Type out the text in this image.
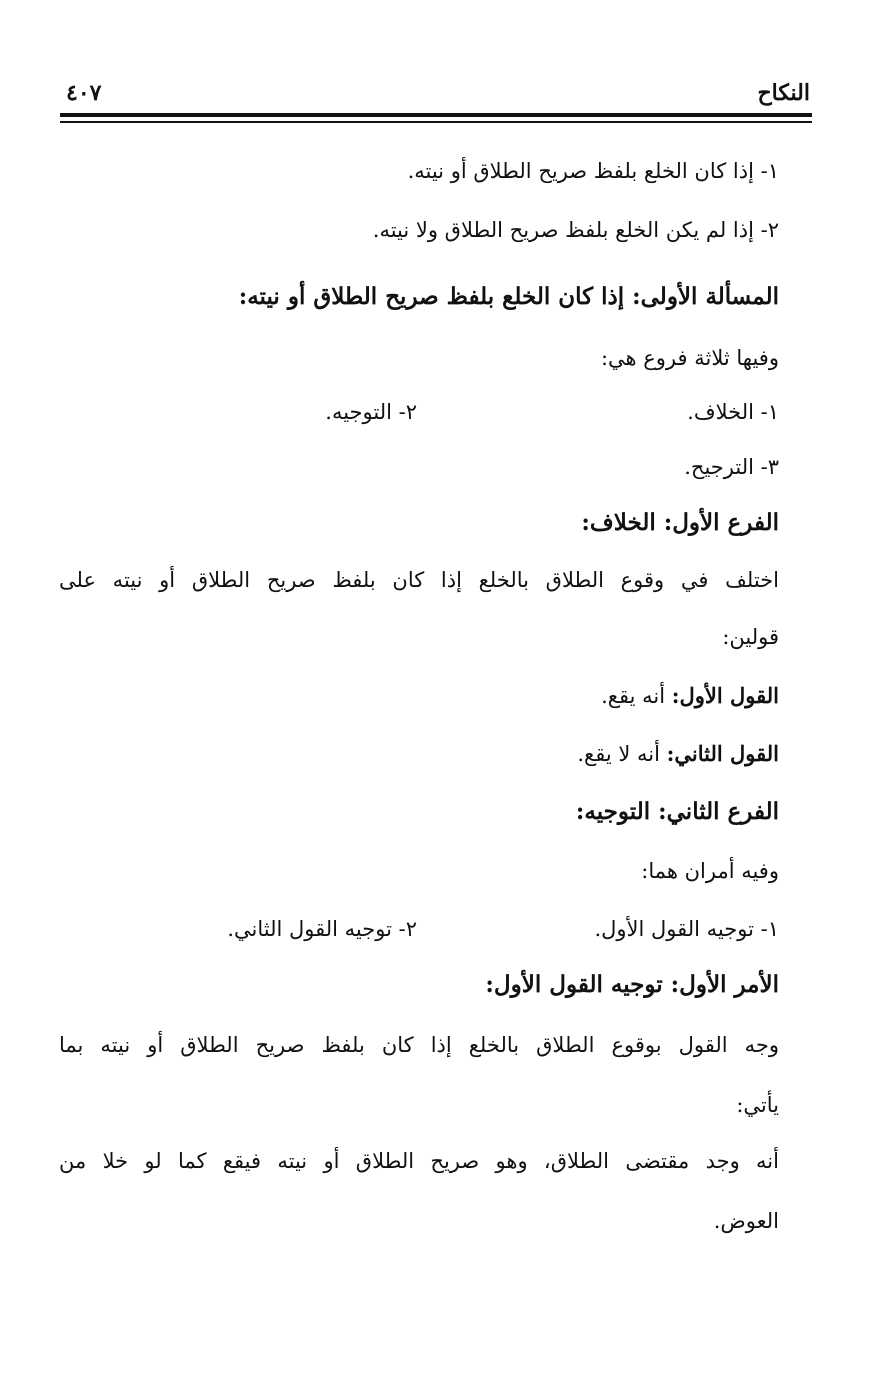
النكاح
٤٠٧
١- إذا كان الخلع بلفظ صريح الطلاق أو نيته.
٢- إذا لم يكن الخلع بلفظ صريح الطلاق ولا نيته.
المسألة الأولى: إذا كان الخلع بلفظ صريح الطلاق أو نيته:
وفيها ثلاثة فروع هي:
١- الخلاف.
٢- التوجيه.
٣- الترجيح.
الفرع الأول: الخلاف:
اختلف في وقوع الطلاق بالخلع إذا كان بلفظ صريح الطلاق أو نيته على
قولين:
القول الأول: أنه يقع.
القول الثاني: أنه لا يقع.
الفرع الثاني: التوجيه:
وفيه أمران هما:
١- توجيه القول الأول.
٢- توجيه القول الثاني.
الأمر الأول: توجيه القول الأول:
وجه القول بوقوع الطلاق بالخلع إذا كان بلفظ صريح الطلاق أو نيته بما
يأتي:
أنه وجد مقتضى الطلاق، وهو صريح الطلاق أو نيته فيقع كما لو خلا من
العوض.
